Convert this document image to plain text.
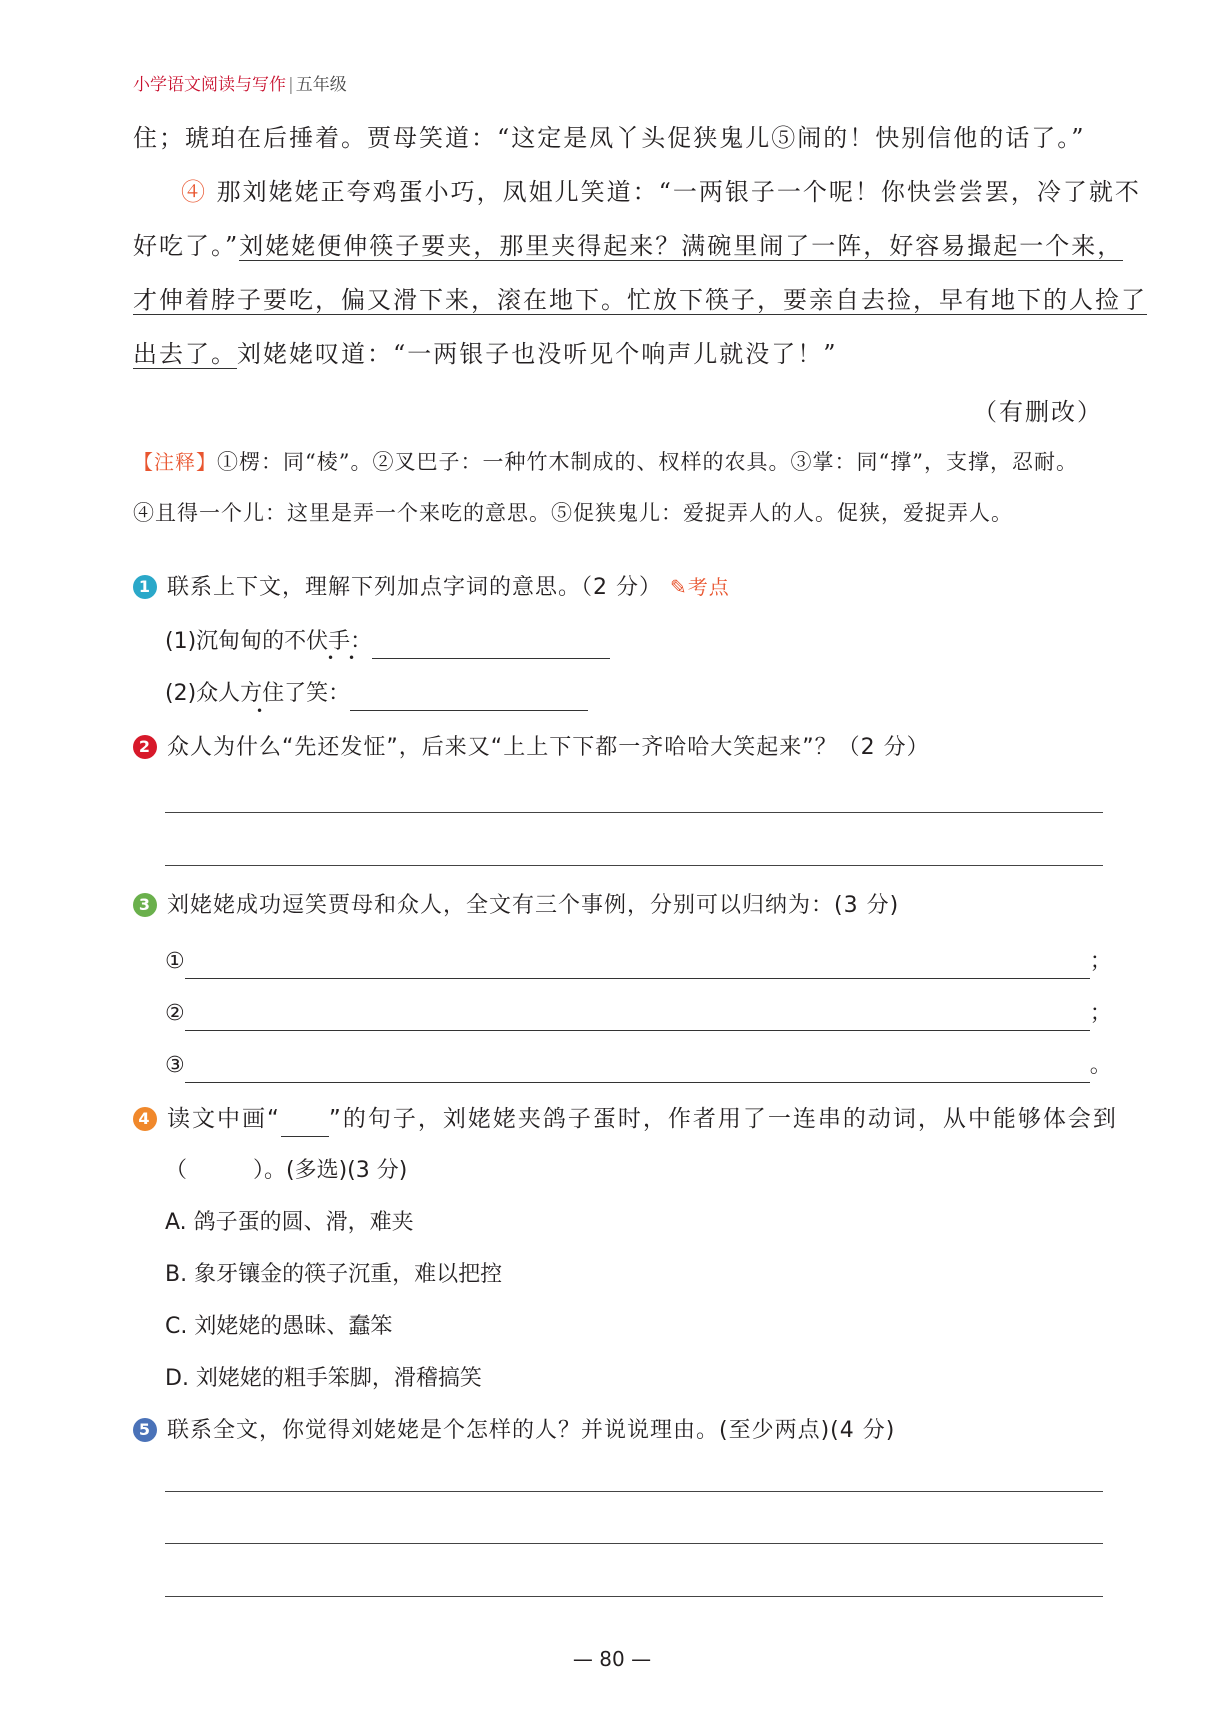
小学语文阅读与写作 | 五年级
住；琥珀在后捶着。贾母笑道：“这定是凤丫头促狭鬼儿⑤闹的！快别信他的话了。”
④ 那刘姥姥正夸鸡蛋小巧，凤姐儿笑道：“一两银子一个呢！你快尝尝罢，冷了就不
好吃了。”刘姥姥便伸筷子要夹，那里夹得起来？满碗里闹了一阵，好容易撮起一个来，
才伸着脖子要吃，偏又滑下来，滚在地下。忙放下筷子，要亲自去捡，早有地下的人捡了
出去了。刘姥姥叹道：“一两银子也没听见个响声儿就没了！”
（有删改）
【注释】①楞：同“棱”。②叉巴子：一种竹木制成的、杈样的农具。③掌：同“撑”，支撑，忍耐。
④且得一个儿：这里是弄一个来吃的意思。⑤促狭鬼儿：爱捉弄人的人。促狭，爱捉弄人。
1 联系上下文，理解下列加点字词的意思。（2 分） ✎考点
(1)沉甸甸的不伏手：
• •
(2)众人方住了笑：
•
2 众人为什么“先还发怔”，后来又“上上下下都一齐哈哈大笑起来”？（2 分）
3 刘姥姥成功逗笑贾母和众人，全文有三个事例，分别可以归纳为：(3 分)
①	；
②	；
③	。
4 读文中画“ ”的句子，刘姥姥夹鸽子蛋时，作者用了一连串的动词，从中能够体会到
（　　　）。(多选)(3 分)
A. 鸽子蛋的圆、滑，难夹
B. 象牙镶金的筷子沉重，难以把控
C. 刘姥姥的愚昧、蠢笨
D. 刘姥姥的粗手笨脚，滑稽搞笑
5 联系全文，你觉得刘姥姥是个怎样的人？并说说理由。(至少两点)(4 分)
— 80 —
